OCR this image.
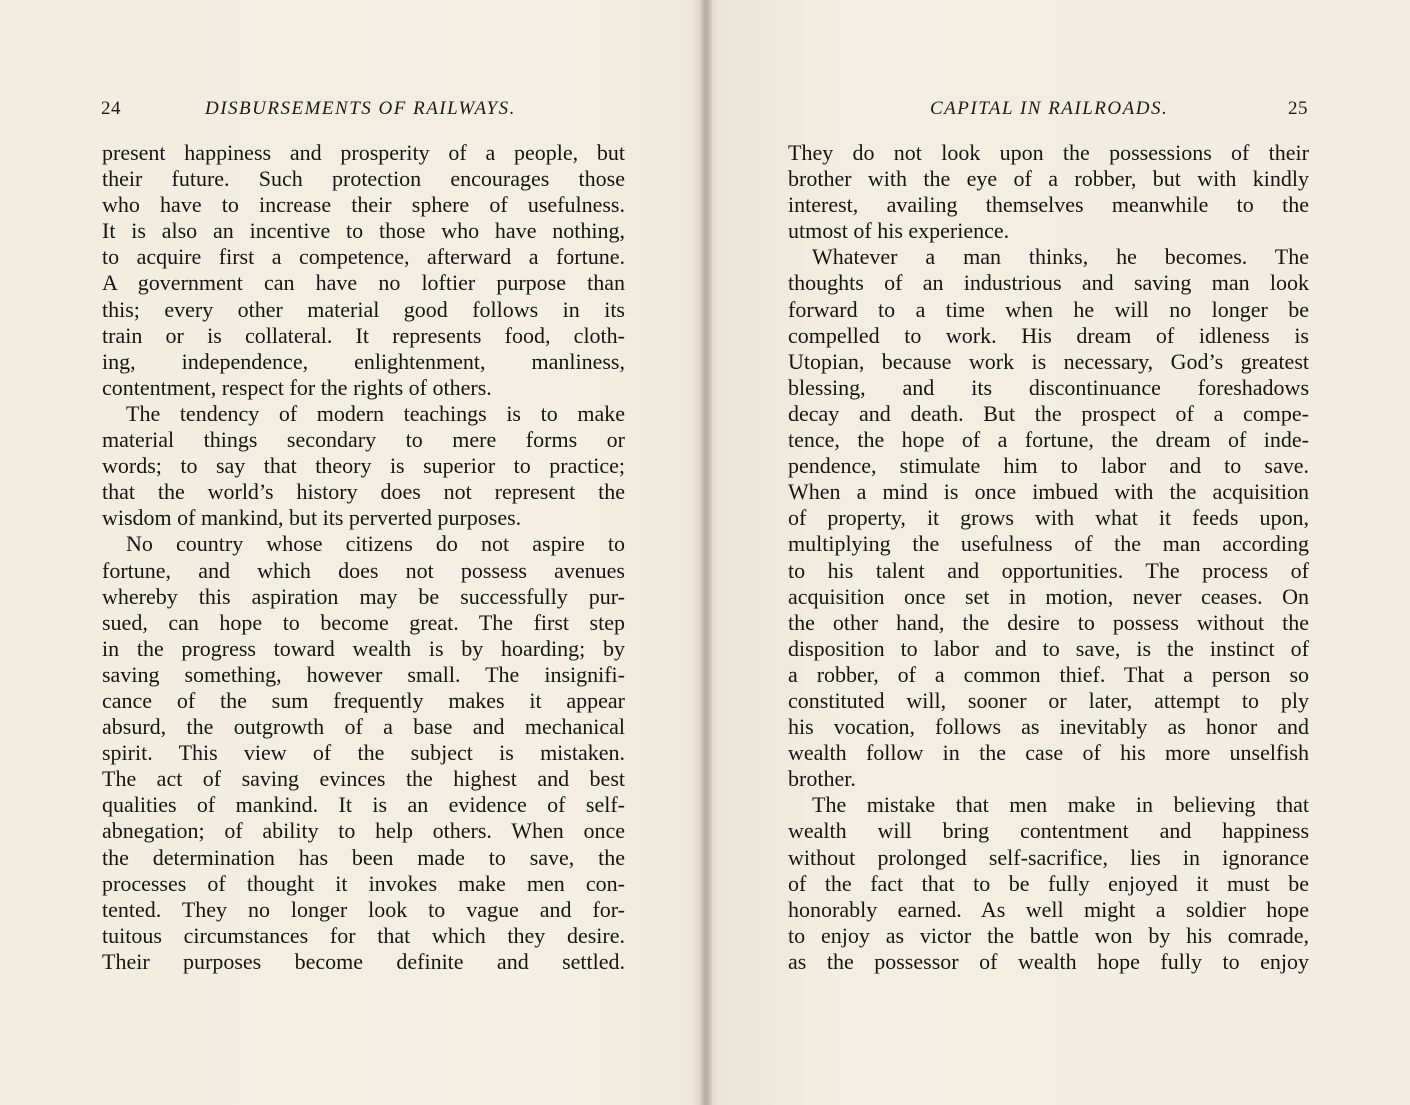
24	DISBURSEMENTS OF RAILWAYS.
present happiness and prosperity of a people, but
their future. Such protection encourages those
who have to increase their sphere of usefulness.
It is also an incentive to those who have nothing,
to acquire first a competence, afterward a fortune.
A government can have no loftier purpose than
this; every other material good follows in its
train or is collateral. It represents food, cloth-
ing, independence, enlightenment, manliness,
contentment, respect for the rights of others.
The tendency of modern teachings is to make
material things secondary to mere forms or
words; to say that theory is superior to practice;
that the world’s history does not represent the
wisdom of mankind, but its perverted purposes.
No country whose citizens do not aspire to
fortune, and which does not possess avenues
whereby this aspiration may be successfully pur-
sued, can hope to become great. The first step
in the progress toward wealth is by hoarding; by
saving something, however small. The insignifi-
cance of the sum frequently makes it appear
absurd, the outgrowth of a base and mechanical
spirit. This view of the subject is mistaken.
The act of saving evinces the highest and best
qualities of mankind. It is an evidence of self-
abnegation; of ability to help others. When once
the determination has been made to save, the
processes of thought it invokes make men con-
tented. They no longer look to vague and for-
tuitous circumstances for that which they desire.
Their purposes become definite and settled.
CAPITAL IN RAILROADS.	25
They do not look upon the possessions of their
brother with the eye of a robber, but with kindly
interest, availing themselves meanwhile to the
utmost of his experience.
Whatever a man thinks, he becomes. The
thoughts of an industrious and saving man look
forward to a time when he will no longer be
compelled to work. His dream of idleness is
Utopian, because work is necessary, God’s greatest
blessing, and its discontinuance foreshadows
decay and death. But the prospect of a compe-
tence, the hope of a fortune, the dream of inde-
pendence, stimulate him to labor and to save.
When a mind is once imbued with the acquisition
of property, it grows with what it feeds upon,
multiplying the usefulness of the man according
to his talent and opportunities. The process of
acquisition once set in motion, never ceases. On
the other hand, the desire to possess without the
disposition to labor and to save, is the instinct of
a robber, of a common thief. That a person so
constituted will, sooner or later, attempt to ply
his vocation, follows as inevitably as honor and
wealth follow in the case of his more unselfish
brother.
The mistake that men make in believing that
wealth will bring contentment and happiness
without prolonged self-sacrifice, lies in ignorance
of the fact that to be fully enjoyed it must be
honorably earned. As well might a soldier hope
to enjoy as victor the battle won by his comrade,
as the possessor of wealth hope fully to enjoy
